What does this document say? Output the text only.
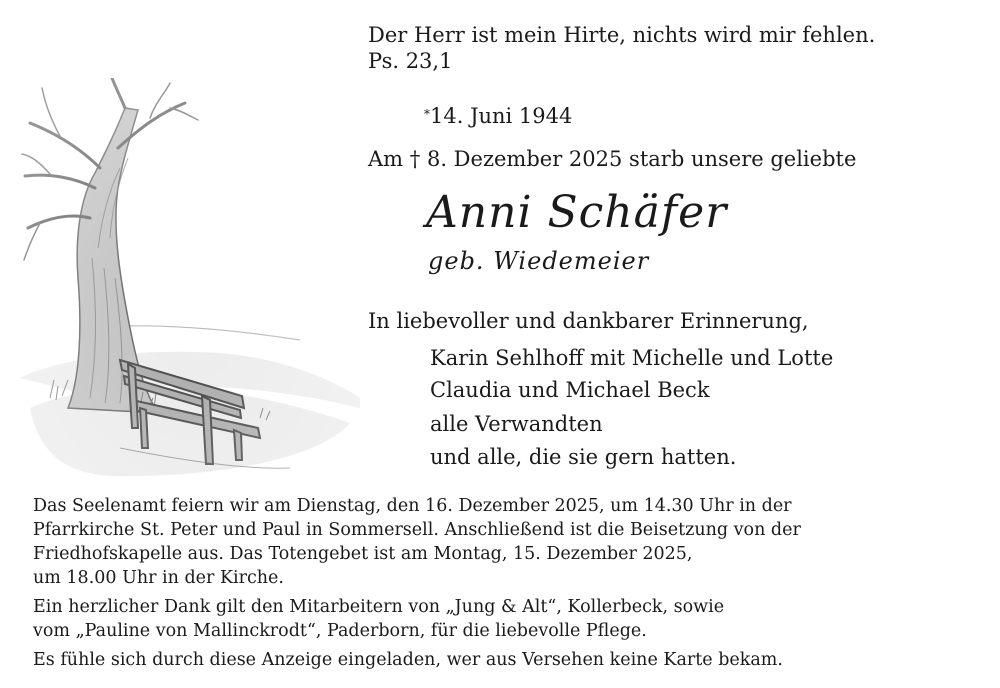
Der Herr ist mein Hirte, nichts wird mir fehlen.
Ps. 23,1
*14. Juni 1944
Am † 8. Dezember 2025 starb unsere geliebte
Anni Schäfer
geb. Wiedemeier
In liebevoller und dankbarer Erinnerung,
Karin Sehlhoff mit Michelle und Lotte
Claudia und Michael Beck
alle Verwandten
und alle, die sie gern hatten.
Das Seelenamt feiern wir am Dienstag, den 16. Dezember 2025, um 14.30 Uhr in der
Pfarrkirche St. Peter und Paul in Sommersell. Anschließend ist die Beisetzung von der
Friedhofskapelle aus. Das Totengebet ist am Montag, 15. Dezember 2025,
um 18.00 Uhr in der Kirche.
Ein herzlicher Dank gilt den Mitarbeitern von „Jung & Alt“, Kollerbeck, sowie
vom „Pauline von Mallinckrodt“, Paderborn, für die liebevolle Pflege.
Es fühle sich durch diese Anzeige eingeladen, wer aus Versehen keine Karte bekam.
